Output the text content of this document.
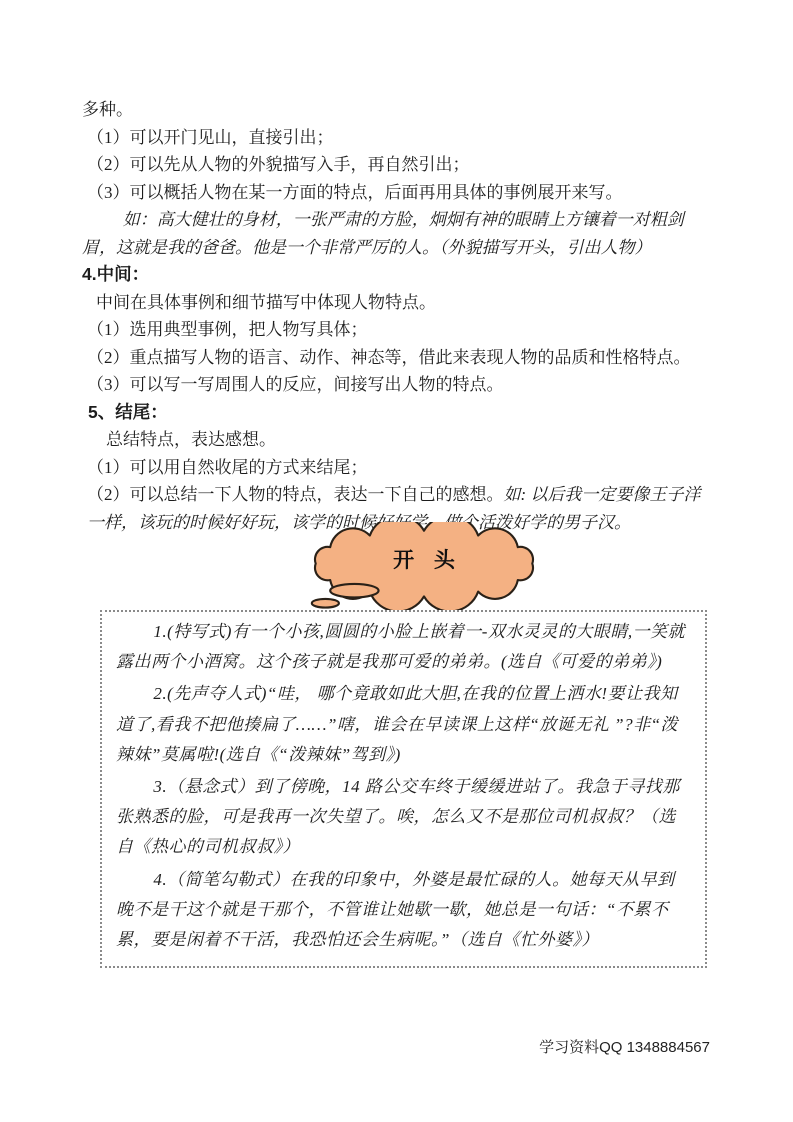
多种。

（1）可以开门见山，直接引出；

（2）可以先从人物的外貌描写入手，再自然引出；

（3）可以概括人物在某一方面的特点，后面再用具体的事例展开来写。

如：高大健壮的身材，一张严肃的方脸，炯炯有神的眼睛上方镶着一对粗剑眉，这就是我的爸爸。他是一个非常严厉的人。（外貌描写开头，引出人物）

4.中间：

中间在具体事例和细节描写中体现人物特点。

（1）选用典型事例，把人物写具体；

（2）重点描写人物的语言、动作、神态等，借此来表现人物的品质和性格特点。

（3）可以写一写周围人的反应，间接写出人物的特点。

5、结尾：

总结特点，表达感想。

（1）可以用自然收尾的方式来结尾；

（2）可以总结一下人物的特点，表达一下自己的感想。如: 以后我一定要像王子洋一样，该玩的时候好好玩，该学的时候好好学，做个活泼好学的男子汉。

开 头

1.(特写式)有一个小孩,圆圆的小脸上嵌着一-双水灵灵的大眼睛,一笑就露出两个小酒窝。这个孩子就是我那可爱的弟弟。(选自《可爱的弟弟》)

2.(先声夺人式)“哇， 哪个竟敢如此大胆,在我的位置上洒水!要让我知道了,看我不把他揍扁了……”嗐，谁会在早读课上这样“放诞无礼 ”?非“泼辣妹”莫属啦!(选自《“泼辣妹”驾到》)

3.（悬念式）到了傍晚，14 路公交车终于缓缓进站了。我急于寻找那张熟悉的脸，可是我再一次失望了。唉，怎么又不是那位司机叔叔？（选自《热心的司机叔叔》）

4.（简笔勾勒式）在我的印象中，外婆是最忙碌的人。她每天从早到晚不是干这个就是干那个，不管谁让她歇一歇，她总是一句话：“不累不累，要是闲着不干活，我恐怕还会生病呢。”（选自《忙外婆》）

学习资料QQ 1348884567
